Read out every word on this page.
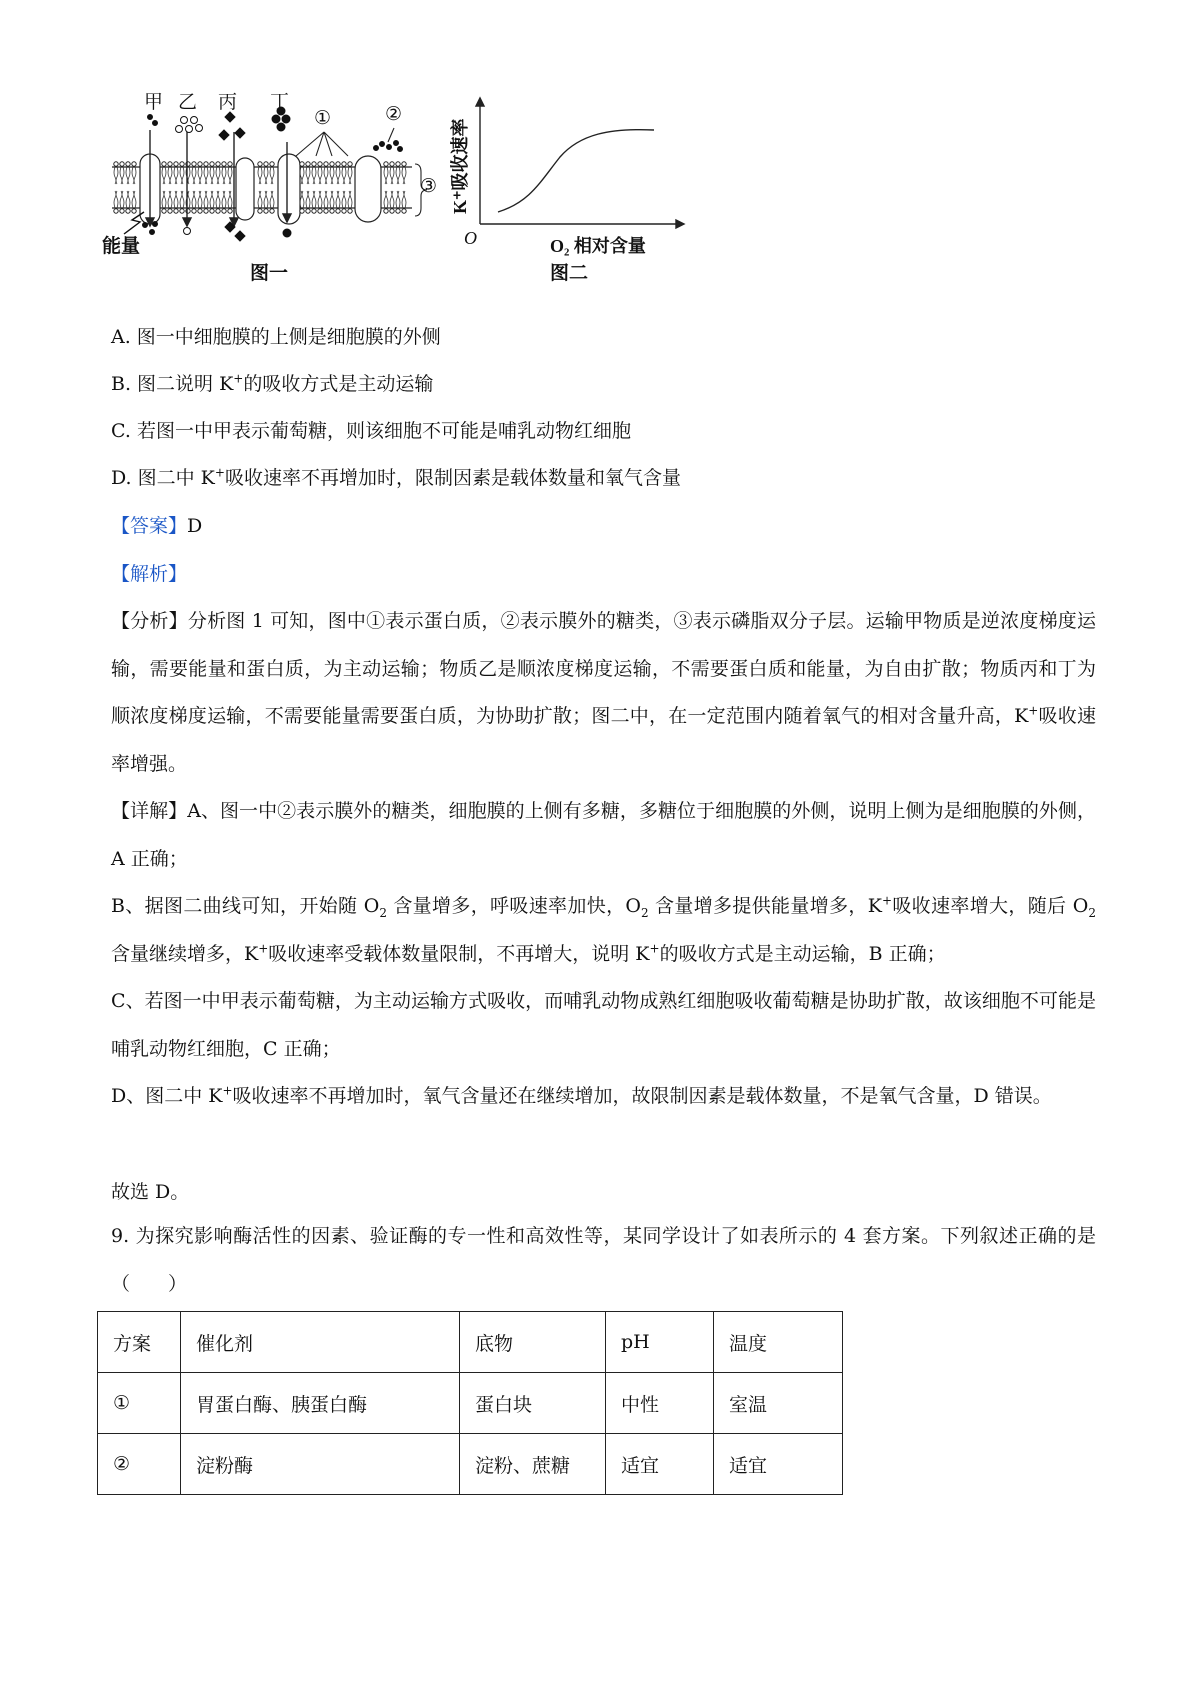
甲 乙 丙 丁
①	②
③
能量
图一	图二
K⁺吸收速率
O	O₂ 相对含量
A. 图一中细胞膜的上侧是细胞膜的外侧
B. 图二说明 K+的吸收方式是主动运输
C. 若图一中甲表示葡萄糖，则该细胞不可能是哺乳动物红细胞
D. 图二中 K+吸收速率不再增加时，限制因素是载体数量和氧气含量
【答案】D
【解析】
【分析】分析图 1 可知，图中①表示蛋白质，②表示膜外的糖类，③表示磷脂双分子层。运输甲物质是逆浓度梯度运输，需要能量和蛋白质，为主动运输；物质乙是顺浓度梯度运输，不需要蛋白质和能量，为自由扩散；物质丙和丁为顺浓度梯度运输，不需要能量需要蛋白质，为协助扩散；图二中，在一定范围内随着氧气的相对含量升高，K+吸收速率增强。
【详解】A、图一中②表示膜外的糖类，细胞膜的上侧有多糖，多糖位于细胞膜的外侧，说明上侧为是细胞膜的外侧，A 正确；
B、据图二曲线可知，开始随 $O_2$ 含量增多，呼吸速率加快，$O_2$ 含量增多提供能量增多，K+吸收速率增大，随后 $O_2$ 含量继续增多，K+吸收速率受载体数量限制，不再增大，说明 K+的吸收方式是主动运输，B 正确；
C、若图一中甲表示葡萄糖，为主动运输方式吸收，而哺乳动物成熟红细胞吸收葡萄糖是协助扩散，故该细胞不可能是哺乳动物红细胞，C 正确；
D、图二中 K+吸收速率不再增加时，氧气含量还在继续增加，故限制因素是载体数量，不是氧气含量，D 错误。
故选 D。
9. 为探究影响酶活性的因素、验证酶的专一性和高效性等，某同学设计了如表所示的 4 套方案。下列叙述正确的是（　　）
方案	催化剂	底物	pH	温度
①	胃蛋白酶、胰蛋白酶	蛋白块	中性	室温
②	淀粉酶	淀粉、蔗糖	适宜	适宜
